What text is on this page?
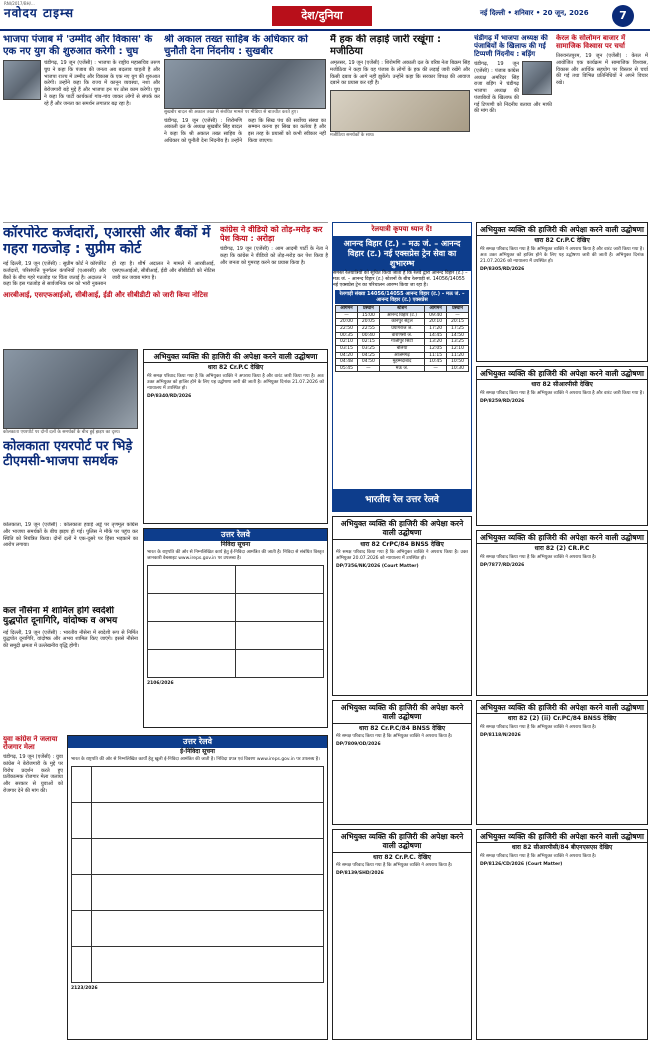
RNI/2017/BH/...
नवोदय टाइम्स	देश/दुनिया	नई दिल्ली • शनिवार • 20 जून, 2026	7
भाजपा पंजाब में 'उम्मीद और विकास' के एक नए युग की शुरुआत करेगी : चुघ
चंडीगढ़, 19 जून (एजेंसी) : भाजपा के राष्ट्रीय महासचिव तरुण चुघ ने कहा कि पंजाब की जनता अब बदलाव चाहती है और भाजपा राज्य में उम्मीद और विकास के एक नए युग की शुरुआत करेगी। उन्होंने कहा कि राज्य में कानून व्यवस्था, नशा और बेरोजगारी बड़े मुद्दे हैं और भाजपा इन पर ठोस काम करेगी। चुघ ने कहा कि पार्टी कार्यकर्ता गांव-गांव जाकर लोगों से संपर्क कर रहे हैं और जनता का समर्थन लगातार बढ़ रहा है।
श्री अकाल तख्त साहिब के अधिकार को चुनौती देना निंदनीय : सुखबीर
सुखबीर बादल श्री अकाल तख्त से संबंधित मामले पर मीडिया से बातचीत करते हुए।
चंडीगढ़, 19 जून (एजेंसी) : शिरोमणि अकाली दल के अध्यक्ष सुखबीर सिंह बादल ने कहा कि श्री अकाल तख्त साहिब के अधिकार को चुनौती देना निंदनीय है। उन्होंने कहा कि सिख पंथ की सर्वोच्च संस्था का सम्मान करना हर सिख का कर्तव्य है और इस तरह के प्रयासों को कभी स्वीकार नहीं किया जाएगा।
मैं हक की लड़ाई जारी रखूंगा : मजीठिया
अमृतसर, 19 जून (एजेंसी) : शिरोमणि अकाली दल के वरिष्ठ नेता बिक्रम सिंह मजीठिया ने कहा कि वह पंजाब के लोगों के हक की लड़ाई जारी रखेंगे और किसी दबाव के आगे नहीं झुकेंगे। उन्होंने कहा कि सरकार विपक्ष की आवाज दबाने का प्रयास कर रही है।
मजीठिया समर्थकों के साथ।
चंडीगढ़ में भाजपा अध्यक्ष की पंजाबियों के खिलाफ की गई टिप्पणी निंदनीय : बड़िंग
चंडीगढ़, 19 जून (एजेंसी) : पंजाब कांग्रेस अध्यक्ष अमरिंदर सिंह राजा बड़िंग ने चंडीगढ़ भाजपा अध्यक्ष की पंजाबियों के खिलाफ की गई टिप्पणी को निंदनीय बताया और माफी की मांग की।
केरल के सोलोमन बाजार में सामाजिक विश्वास पर चर्चा
तिरुवनंतपुरम, 19 जून (एजेंसी) : केरल में आयोजित एक कार्यक्रम में सामाजिक विश्वास, विकास और आर्थिक सहयोग पर विस्तार से चर्चा की गई तथा विभिन्न प्रतिनिधियों ने अपने विचार रखे।
कॉरपोरेट कर्जदारों, एआरसी और बैंकों में गहरा गठजोड़ : सुप्रीम कोर्ट
नई दिल्ली, 19 जून (एजेंसी) : सुप्रीम कोर्ट ने कॉरपोरेट कर्जदारों, परिसंपत्ति पुनर्गठन कंपनियों (एआरसी) और बैंकों के बीच गहरे गठजोड़ पर चिंता जताई है। अदालत ने कहा कि इस गठजोड़ से सार्वजनिक धन को भारी नुकसान हो रहा है। शीर्ष अदालत ने मामले में आरबीआई, एसएफआईओ, सीबीआई, ईडी और सीबीडीटी को नोटिस जारी कर जवाब मांगा है।
आरबीआई, एसएफआईओ, सीबीआई, ईडी और सीबीडीटी को जारी किया नोटिस
कांग्रेस ने वीडियो को तोड़-मरोड़ कर पेश किया : अरोड़ा
चंडीगढ़, 19 जून (एजेंसी) : आम आदमी पार्टी के नेता ने कहा कि कांग्रेस ने वीडियो को तोड़-मरोड़ कर पेश किया है और जनता को गुमराह करने का प्रयास किया है।
कोलकाता एयरपोर्ट पर दोनों दलों के समर्थकों के बीच हुई झड़प का दृश्य।
कोलकाता एयरपोर्ट पर भिड़े टीएमसी-भाजपा समर्थक
कोलकाता, 19 जून (एजेंसी) : कोलकाता हवाई अड्डे पर तृणमूल कांग्रेस और भाजपा समर्थकों के बीच झड़प हो गई। पुलिस ने मौके पर पहुंच कर स्थिति को नियंत्रित किया। दोनों दलों ने एक-दूसरे पर हिंसा भड़काने का आरोप लगाया।
कल नौसेना में शामिल होगे स्वदेशी युद्धपोत दूनागिरि, वांदोष्क व अभय
नई दिल्ली, 19 जून (एजेंसी) : भारतीय नौसेना में स्वदेशी रूप से निर्मित युद्धपोत दूनागिरि, वांदोष्क और अभय शामिल किए जाएंगे। इससे नौसेना की समुद्री क्षमता में उल्लेखनीय वृद्धि होगी।
युवा कांग्रेस ने जलाया रोजगार मेला
चंडीगढ़, 19 जून (एजेंसी) : युवा कांग्रेस ने बेरोजगारी के मुद्दे पर विरोध प्रदर्शन करते हुए प्रतीकात्मक रोजगार मेला जलाया और सरकार से युवाओं को रोजगार देने की मांग की।
अभियुक्त व्यक्ति की हाजिरी की अपेक्षा करने वाली उद्घोषणा
धारा 82 Cr.P.C देखिए
मेरे समक्ष परिवाद किया गया है कि अभियुक्त व्यक्ति ने अपराध किया है और वारंट जारी किया गया है। अतः उक्त अभियुक्त को हाजिर होने के लिए यह उद्घोषणा जारी की जाती है। अभियुक्त दिनांक 21.07.2026 को न्यायालय में उपस्थित हो।
DP/8340/RD/2026
उत्तर रेलवे
निविदा सूचना
भारत के राष्ट्रपति की ओर से निम्नलिखित कार्य हेतु ई-निविदा आमंत्रित की जाती है। निविदा से संबंधित विस्तृत जानकारी वेबसाइट www.ireps.gov.in पर उपलब्ध है।

2106/2026
उत्तर रेलवे
ई-निविदा सूचना
भारत के राष्ट्रपति की ओर से निम्नलिखित कार्यों हेतु खुली ई-निविदा आमंत्रित की जाती है। निविदा प्रपत्र एवं विवरण www.ireps.gov.in पर उपलब्ध है।

2123/2026
रेलयात्री कृपया ध्यान दें!
आनन्द विहार (ट.) – मऊ जं. – आनन्द विहार (ट.) नई एक्सप्रेस ट्रेन सेवा का शुभारम्भ
समस्त रेलयात्रियों को सूचित किया जाता है कि रेलवे द्वारा आनन्द विहार (ट.) – मऊ जं. – आनन्द विहार (ट.) स्टेशनों के बीच रेलगाड़ी सं. 14056/14055 नई एक्सप्रेस ट्रेन का परिचालन आरम्भ किया जा रहा है।
रेलगाड़ी संख्या 14056/14055 आनन्द विहार (ट.) – मऊ जं. – आनन्द विहार (ट.) एक्सप्रेस
आगमन	प्रस्थान	स्टेशन	आगमन	प्रस्थान
—	15:00	आनन्द विहार (ट.)	09:40	—
20:00	20:05	कानपुर सेंट्रल	20:10	20:15
22:50	22:55	प्रयागराज जं.	17:20	17:25
00:35	00:40	वाराणसी जं.	14:45	14:50
02:10	02:15	गाजीपुर सिटी	13:20	13:25
03:15	03:25	बलिया	12:05	12:10
04:20	04:25	आजमगढ़	11:15	11:20
04:48	04:50	मुहम्मदाबाद	10:45	10:50
05:45	—	मऊ जं.	—	10:30
भारतीय रेल उत्तर रेलवे
अभियुक्त व्यक्ति की हाजिरी की अपेक्षा करने वाली उद्घोषणा
धारा 82 Cr.P.C देखिए
मेरे समक्ष परिवाद किया गया है कि अभियुक्त व्यक्ति ने अपराध किया है और वारंट जारी किया गया है। अतः उक्त अभियुक्त को हाजिर होने के लिए यह उद्घोषणा जारी की जाती है। अभियुक्त दिनांक 21.07.2026 को न्यायालय में उपस्थित हो।
DP/8305/RD/2026
अभियुक्त व्यक्ति की हाजिरी की अपेक्षा करने वाली उद्घोषणा
धारा 82 सीआरपीसी देखिए
मेरे समक्ष परिवाद किया गया है कि अभियुक्त व्यक्ति ने अपराध किया है और वारंट जारी किया गया है।
DP/8259/RD/2026
अभियुक्त व्यक्ति की हाजिरी की अपेक्षा करने वाली उद्घोषणा
धारा 82 CrPC/84 BNSS देखिए
मेरे समक्ष परिवाद किया गया है कि अभियुक्त व्यक्ति ने अपराध किया है। उक्त अभियुक्त 20.07.2026 को न्यायालय में उपस्थित हो।
DP/7356/NK/2026 (Court Matter)
अभियुक्त व्यक्ति की हाजिरी की अपेक्षा करने वाली उद्घोषणा
धारा 82 (2) CR.P.C
मेरे समक्ष परिवाद किया गया है कि अभियुक्त व्यक्ति ने अपराध किया है।
DP/7877/RD/2026
अभियुक्त व्यक्ति की हाजिरी की अपेक्षा करने वाली उद्घोषणा
धारा 82 Cr.P.C/84 BNSS देखिए
मेरे समक्ष परिवाद किया गया है कि अभियुक्त व्यक्ति ने अपराध किया है।
DP/7809/OD/2026
अभियुक्त व्यक्ति की हाजिरी की अपेक्षा करने वाली उद्घोषणा
धारा 82 (2) (ii) Cr.PC/84 BNSS देखिए
मेरे समक्ष परिवाद किया गया है कि अभियुक्त व्यक्ति ने अपराध किया है।
DP/8118/N/2026
अभियुक्त व्यक्ति की हाजिरी की अपेक्षा करने वाली उद्घोषणा
धारा 82 Cr.P.C. देखिए
मेरे समक्ष परिवाद किया गया है कि अभियुक्त व्यक्ति ने अपराध किया है।
DP/8139/SHD/2026
अभियुक्त व्यक्ति की हाजिरी की अपेक्षा करने वाली उद्घोषणा
धारा 82 सीआरपीसी/84 बीएनएसएस देखिए
मेरे समक्ष परिवाद किया गया है कि अभियुक्त व्यक्ति ने अपराध किया है।
DP/8126/CD/2026 (Court Matter)
